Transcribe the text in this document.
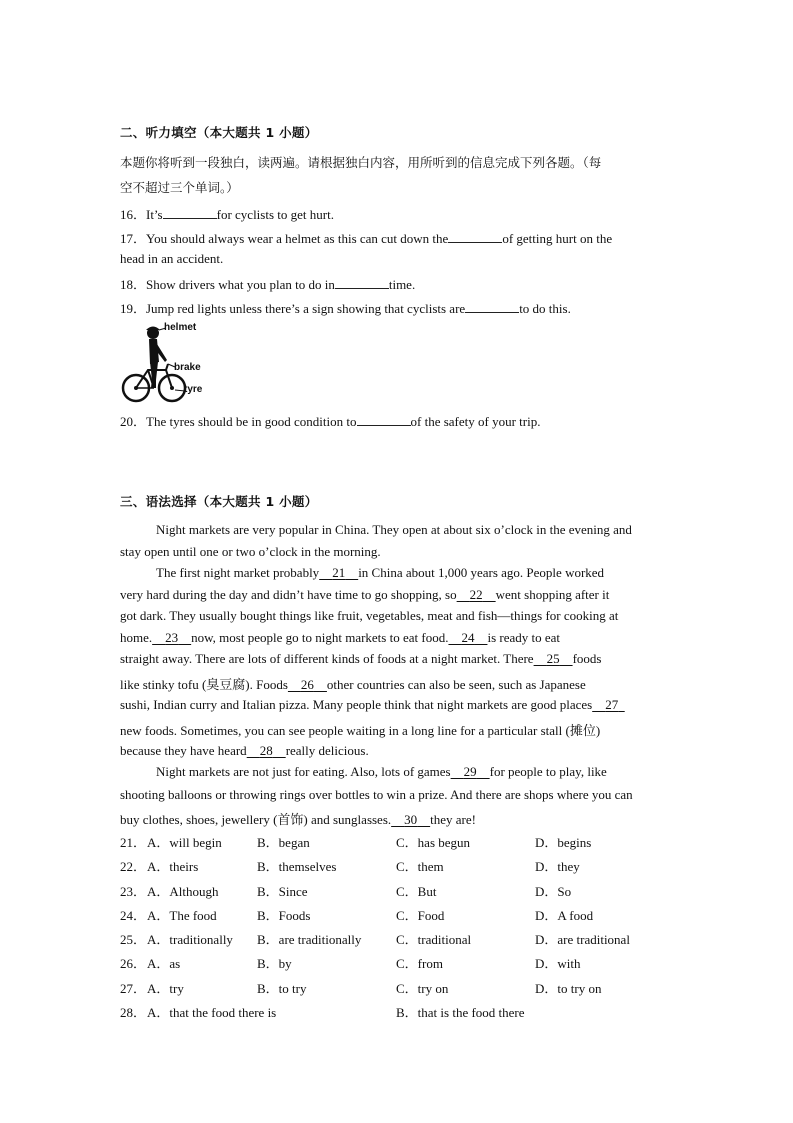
二、听力填空（本大题共 1 小题）
本题你将听到一段独白，读两遍。请根据独白内容，用所听到的信息完成下列各题。（每
空不超过三个单词。）
16．It’s	for cyclists to get hurt.
17．You should always wear a helmet as this can cut down the	of getting hurt on the
head in an accident.
18．Show drivers what you plan to do in	time.
19．Jump red lights unless there’s a sign showing that cyclists are	to do this.
helmet
brake
tyre
20．The tyres should be in good condition to	of the safety of your trip.
三、语法选择（本大题共 1 小题）
Night markets are very popular in China. They open at about six o’clock in the evening and
stay open until one or two o’clock in the morning.
The first night market probably 21 in China about 1,000 years ago. People worked
very hard during the day and didn’t have time to go shopping, so 22 went shopping after it
got dark. They usually bought things like fruit, vegetables, meat and fish—things for cooking at
home. 23 now, most people go to night markets to eat food. 24 is ready to eat
straight away. There are lots of different kinds of foods at a night market. There 25 foods
like stinky tofu (臭豆腐). Foods 26 other countries can also be seen, such as Japanese
sushi, Indian curry and Italian pizza. Many people think that night markets are good places 27
new foods. Sometimes, you can see people waiting in a long line for a particular stall (摊位)
because they have heard 28 really delicious.
Night markets are not just for eating. Also, lots of games 29 for people to play, like
shooting balloons or throwing rings over bottles to win a prize. And there are shops where you can
buy clothes, shoes, jewellery (首饰) and sunglasses. 30 they are!
21． A．will begin	B．began	C．has begun	D．begins
22． A．theirs	B．themselves	C．them	D．they
23． A．Although	B．Since	C．But	D．So
24． A．The food	B．Foods	C．Food	D．A food
25． A．traditionally B．are traditionally	C．traditional	D．are traditional
26． A．as	B．by	C．from	D．with
27． A．try	B．to try	C．try on	D．to try on
28． A．that the food there is	B．that is the food there
